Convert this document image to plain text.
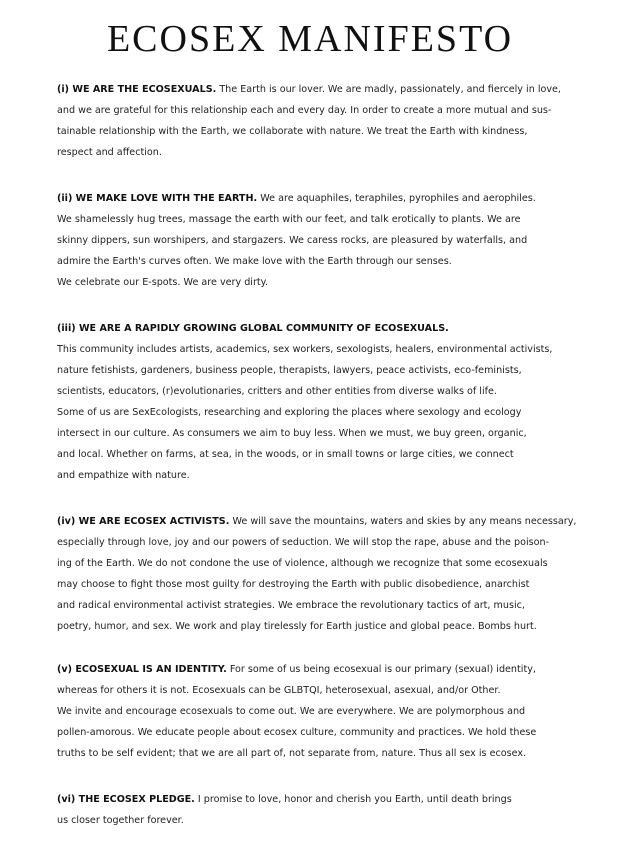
ECOSEX MANIFESTO
(i) WE ARE THE ECOSEXUALS. The Earth is our lover. We are madly, passionately, and fiercely in love,
and we are grateful for this relationship each and every day. In order to create a more mutual and sus-
tainable relationship with the Earth, we collaborate with nature. We treat the Earth with kindness,
respect and affection.
(ii) WE MAKE LOVE WITH THE EARTH. We are aquaphiles, teraphiles, pyrophiles and aerophiles.
We shamelessly hug trees, massage the earth with our feet, and talk erotically to plants. We are
skinny dippers, sun worshipers, and stargazers. We caress rocks, are pleasured by waterfalls, and
admire the Earth's curves often. We make love with the Earth through our senses.
We celebrate our E-spots. We are very dirty.
(iii) WE ARE A RAPIDLY GROWING GLOBAL COMMUNITY OF ECOSEXUALS.
This community includes artists, academics, sex workers, sexologists, healers, environmental activists,
nature fetishists, gardeners, business people, therapists, lawyers, peace activists, eco-feminists,
scientists, educators, (r)evolutionaries, critters and other entities from diverse walks of life.
Some of us are SexEcologists, researching and exploring the places where sexology and ecology
intersect in our culture. As consumers we aim to buy less. When we must, we buy green, organic,
and local. Whether on farms, at sea, in the woods, or in small towns or large cities, we connect
and empathize with nature.
(iv) WE ARE ECOSEX ACTIVISTS. We will save the mountains, waters and skies by any means necessary,
especially through love, joy and our powers of seduction. We will stop the rape, abuse and the poison-
ing of the Earth. We do not condone the use of violence, although we recognize that some ecosexuals
may choose to fight those most guilty for destroying the Earth with public disobedience, anarchist
and radical environmental activist strategies. We embrace the revolutionary tactics of art, music,
poetry, humor, and sex. We work and play tirelessly for Earth justice and global peace. Bombs hurt.
(v) ECOSEXUAL IS AN IDENTITY. For some of us being ecosexual is our primary (sexual) identity,
whereas for others it is not. Ecosexuals can be GLBTQI, heterosexual, asexual, and/or Other.
We invite and encourage ecosexuals to come out. We are everywhere. We are polymorphous and
pollen-amorous. We educate people about ecosex culture, community and practices. We hold these
truths to be self evident; that we are all part of, not separate from, nature. Thus all sex is ecosex.
(vi) THE ECOSEX PLEDGE. I promise to love, honor and cherish you Earth, until death brings
us closer together forever.
